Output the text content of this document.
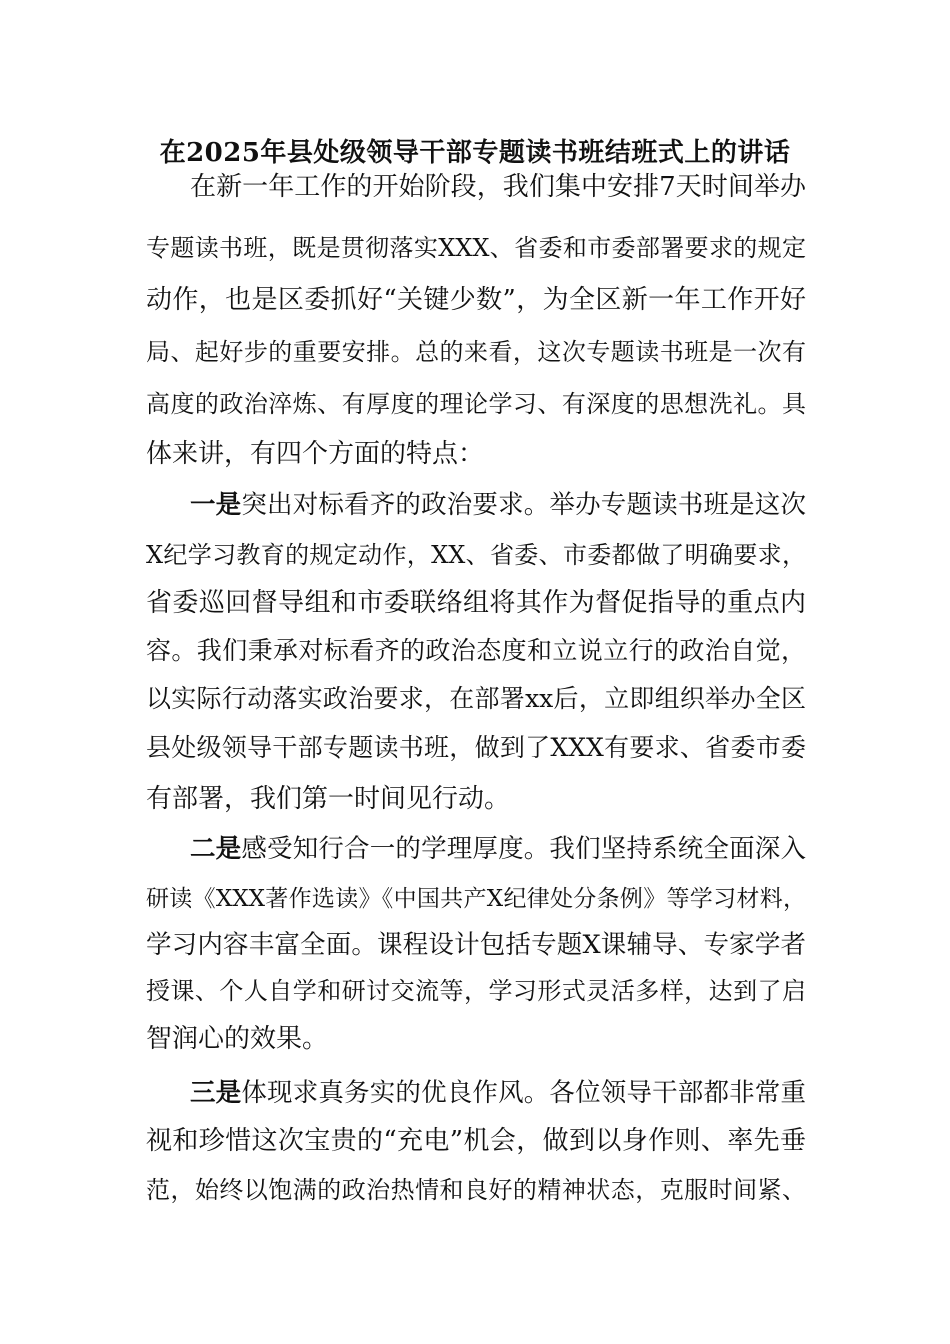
在2025年县处级领导干部专题读书班结班式上的讲话
在新一年工作的开始阶段，我们集中安排7天时间举办
专题读书班，既是贯彻落实XXX、省委和市委部署要求的规定
动作，也是区委抓好“关键少数”，为全区新一年工作开好
局、起好步的重要安排。总的来看，这次专题读书班是一次有
高度的政治淬炼、有厚度的理论学习、有深度的思想洗礼。具
体来讲，有四个方面的特点：
一是突出对标看齐的政治要求。举办专题读书班是这次
X纪学习教育的规定动作，XX、省委、市委都做了明确要求，
省委巡回督导组和市委联络组将其作为督促指导的重点内
容。我们秉承对标看齐的政治态度和立说立行的政治自觉，
以实际行动落实政治要求，在部署xx后，立即组织举办全区
县处级领导干部专题读书班，做到了XXX有要求、省委市委
有部署，我们第一时间见行动。
二是感受知行合一的学理厚度。我们坚持系统全面深入
研读《XXX著作选读》《中国共产X纪律处分条例》等学习材料，
学习内容丰富全面。课程设计包括专题X课辅导、专家学者
授课、个人自学和研讨交流等，学习形式灵活多样，达到了启
智润心的效果。
三是体现求真务实的优良作风。各位领导干部都非常重
视和珍惜这次宝贵的“充电”机会，做到以身作则、率先垂
范，始终以饱满的政治热情和良好的精神状态，克服时间紧、
